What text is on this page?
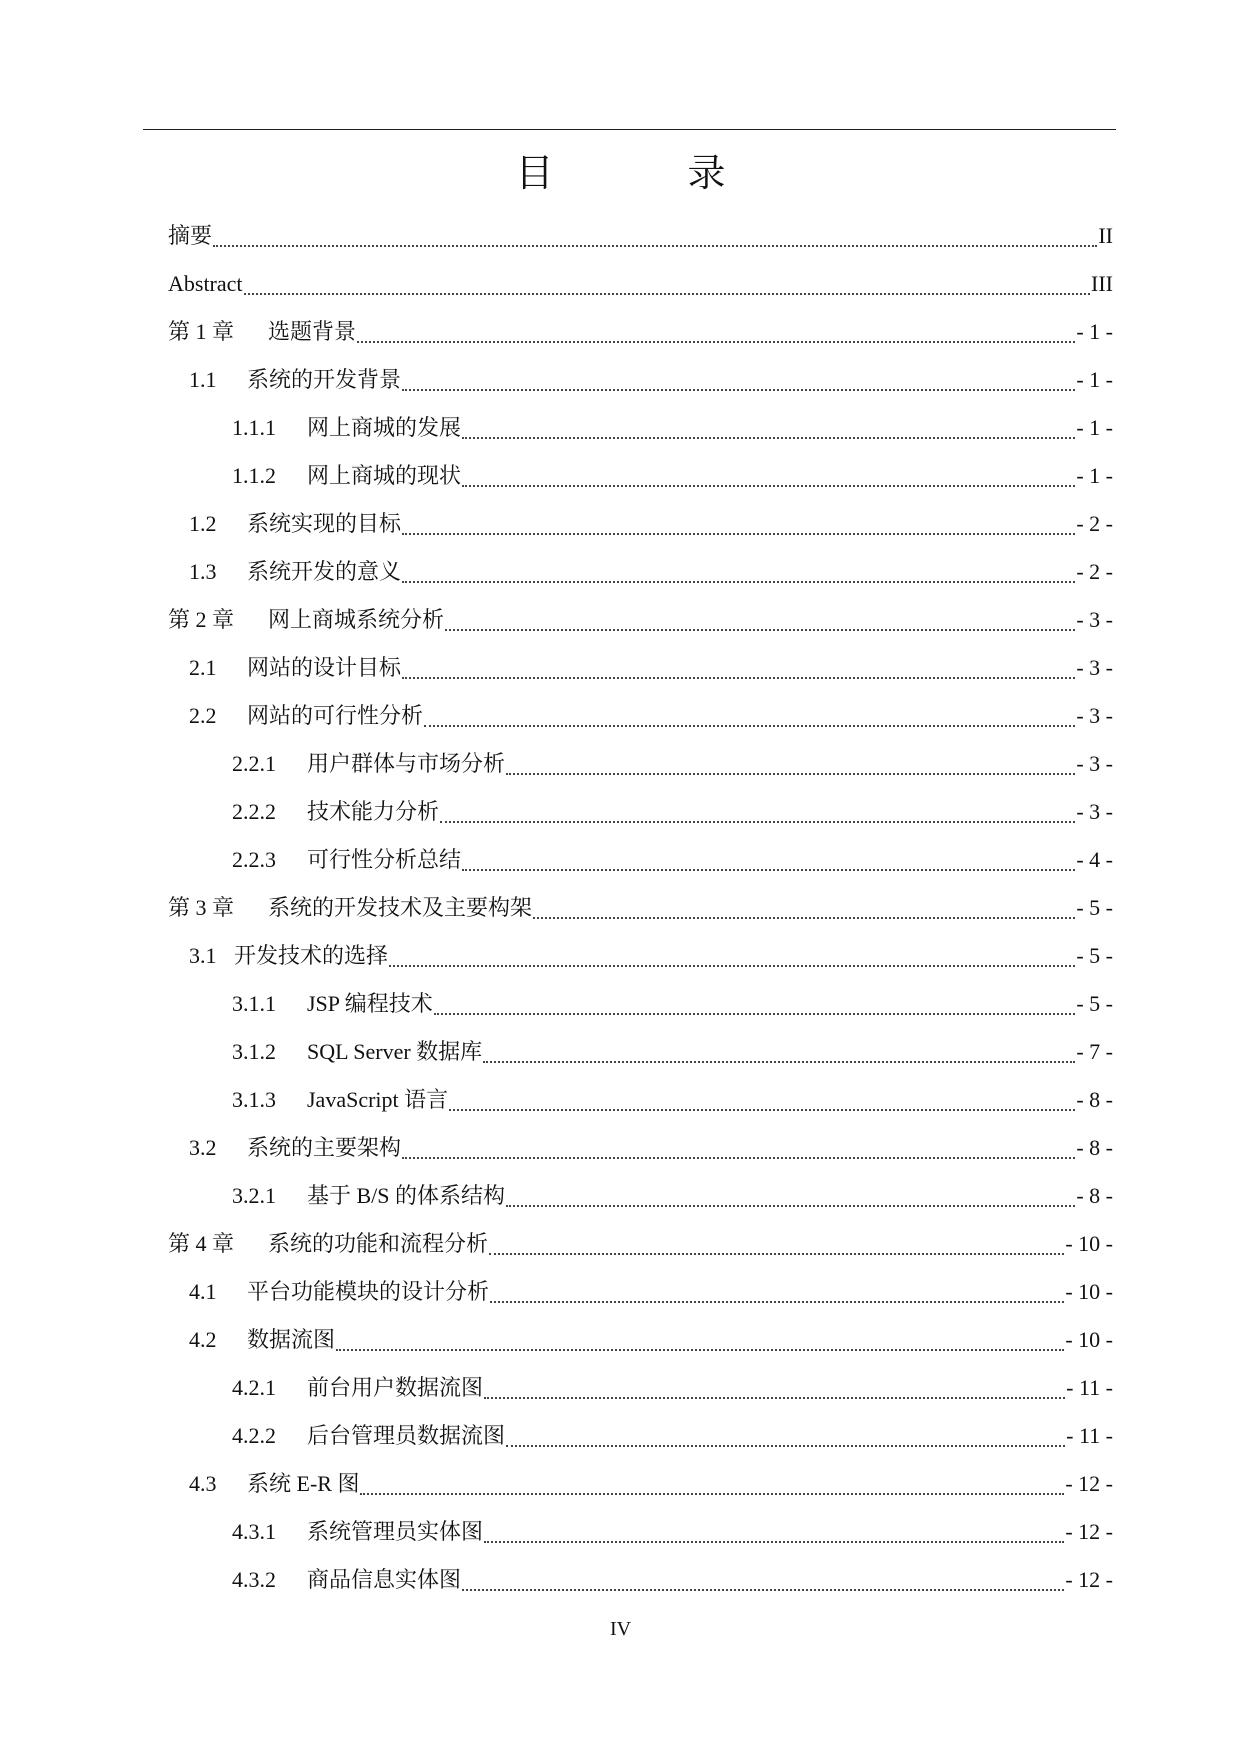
目　录
摘要	II
Abstract	III
第 1 章	选题背景	- 1 -
1.1	系统的开发背景	- 1 -
1.1.1	网上商城的发展	- 1 -
1.1.2	网上商城的现状	- 1 -
1.2	系统实现的目标	- 2 -
1.3	系统开发的意义	- 2 -
第 2 章	网上商城系统分析	- 3 -
2.1	网站的设计目标	- 3 -
2.2	网站的可行性分析	- 3 -
2.2.1	用户群体与市场分析	- 3 -
2.2.2	技术能力分析	- 3 -
2.2.3	可行性分析总结	- 4 -
第 3 章	系统的开发技术及主要构架	- 5 -
3.1 开发技术的选择	- 5 -
3.1.1	JSP 编程技术	- 5 -
3.1.2	SQL Server 数据库	- 7 -
3.1.3	JavaScript 语言	- 8 -
3.2	系统的主要架构	- 8 -
3.2.1	基于 B/S 的体系结构	- 8 -
第 4 章	系统的功能和流程分析	- 10 -
4.1	平台功能模块的设计分析	- 10 -
4.2	数据流图	- 10 -
4.2.1	前台用户数据流图	- 11 -
4.2.2	后台管理员数据流图	- 11 -
4.3	系统 E-R 图	- 12 -
4.3.1	系统管理员实体图	- 12 -
4.3.2	商品信息实体图	- 12 -
IV
